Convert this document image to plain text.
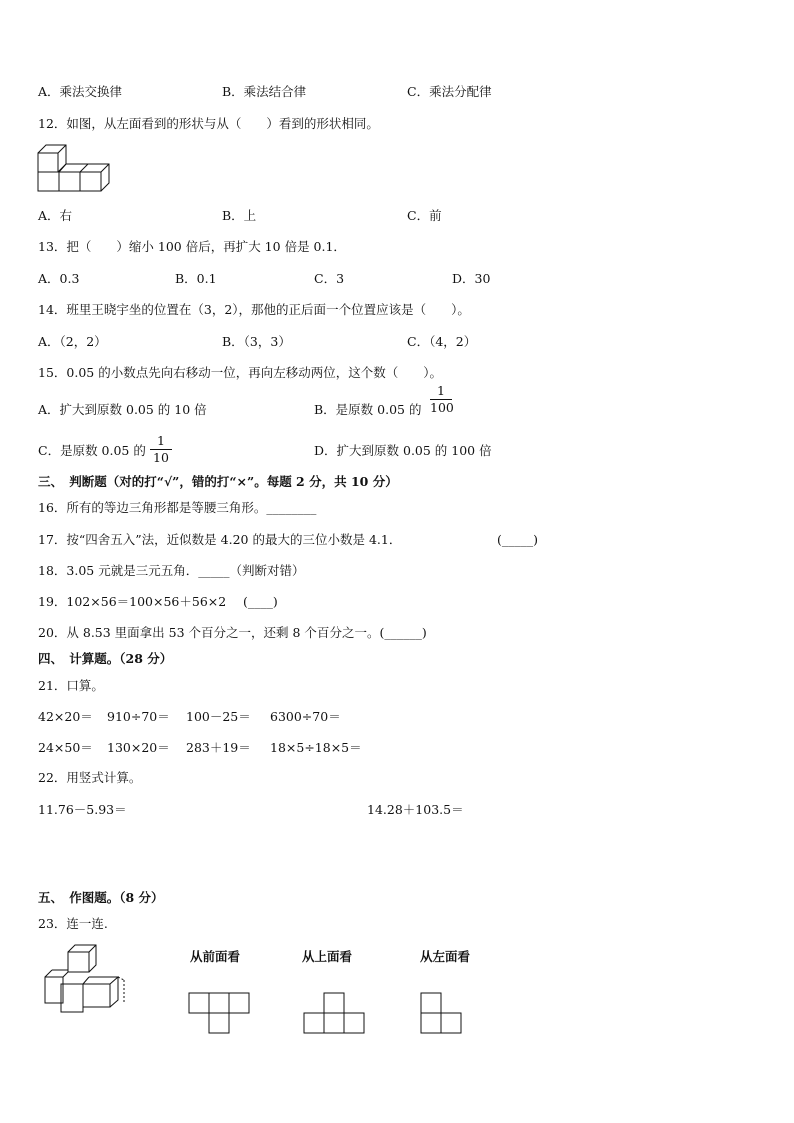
A．乘法交换律	B．乘法结合律	C．乘法分配律
12．如图，从左面看到的形状与从（　　）看到的形状相同。
A．右	B．上	C．前
13．把（　　）缩小 100 倍后，再扩大 10 倍是 0.1．
A．0.3	B．0.1	C．3	D．30
14．班里王晓宇坐的位置在（3，2），那他的正后面一个位置应该是（　　）。
A．（2，2）	B．（3，3）	C．（4，2）
15．0.05 的小数点先向右移动一位，再向左移动两位，这个数（　　）。
A．扩大到原数 0.05 的 10 倍	B．是原数 0.05 的
1
100
C．是原数 0.05 的
1
10	D．扩大到原数 0.05 的 100 倍
三、　判断题（对的打“√”，错的打“×”。每题 2 分，共 10 分）
16．所有的等边三角形都是等腰三角形。________
17．按“四舍五入”法，近似数是 4.20 的最大的三位小数是 4.1．	(_____)
18．3.05 元就是三元五角．_____（判断对错）
19．102×56＝100×56＋56×2 (____)
20．从 8.53 里面拿出 53 个百分之一，还剩 8 个百分之一。(______)
四、　计算题。（28 分）
21．口算。
42×20＝ 910÷70＝ 100－25＝ 6300÷70＝
24×50＝ 130×20＝ 283＋19＝ 18×5÷18×5＝
22．用竖式计算。
11.76－5.93＝	14.28＋103.5＝
五、　作图题。（8 分）
23．连一连.
从前面看	从上面看	从左面看
